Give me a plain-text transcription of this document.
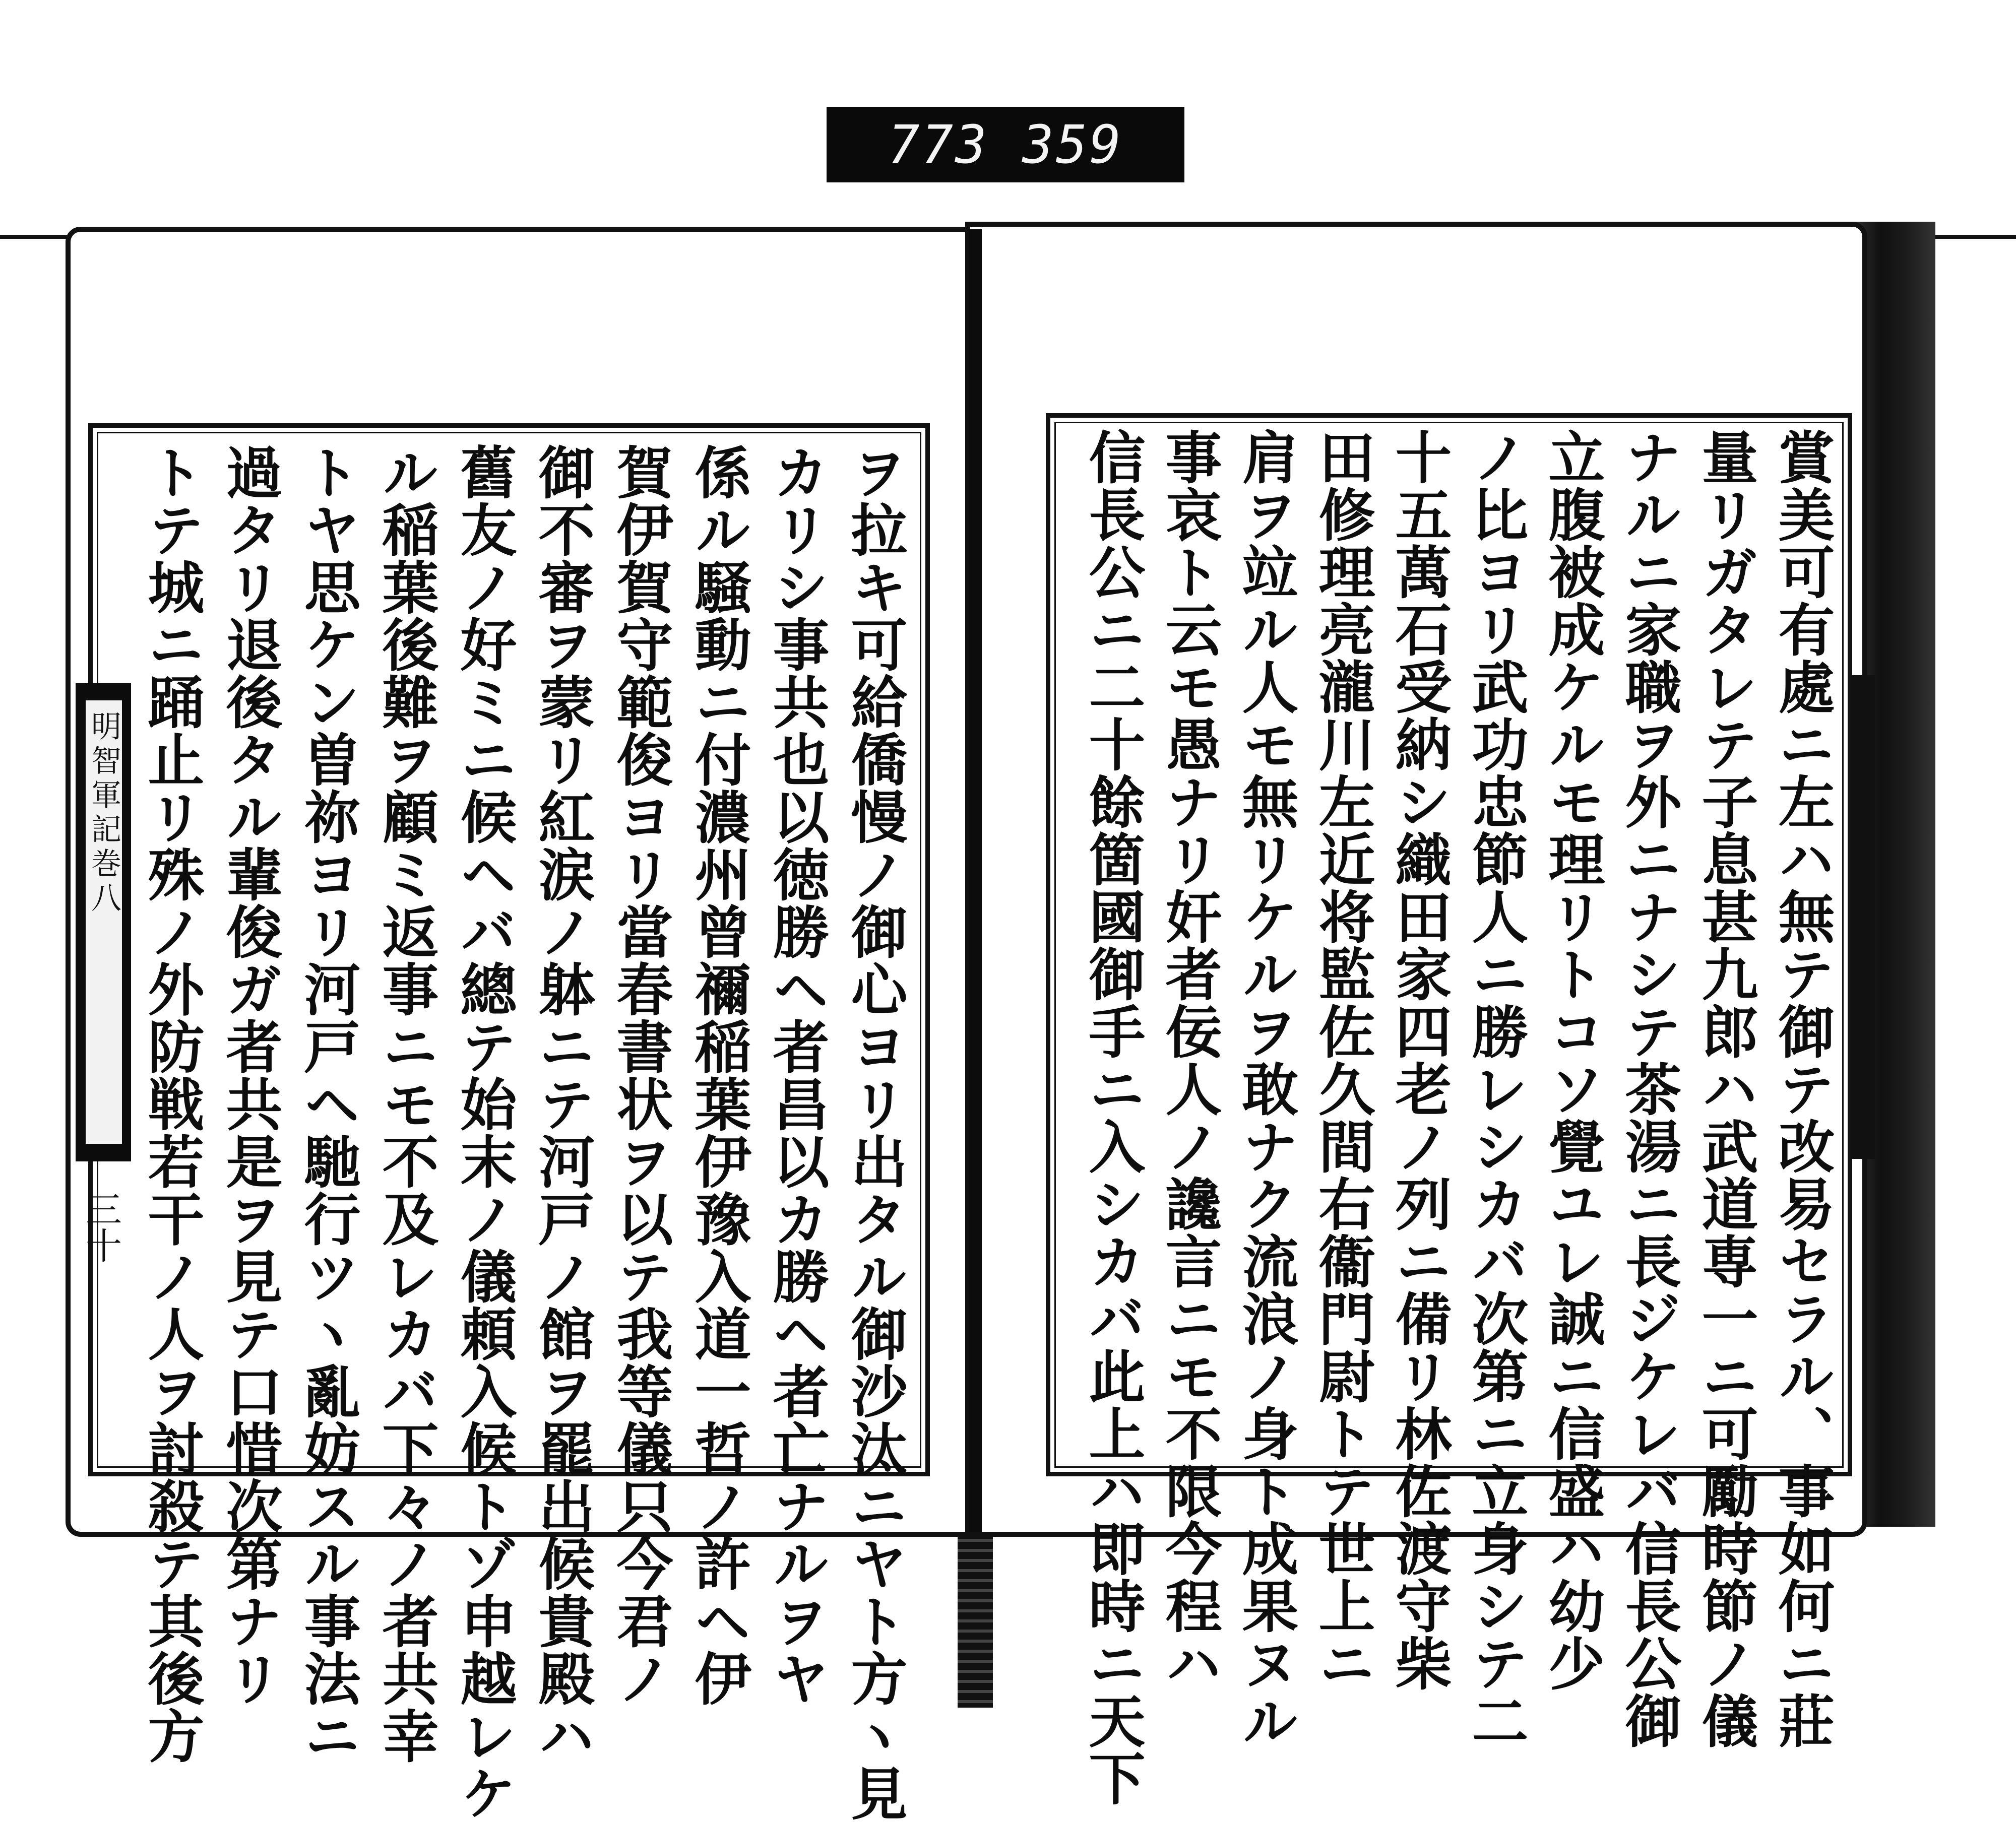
773 359
明智軍記巻八
三十	ヲ拉キ可給僑慢ノ御心ヨリ出タル御沙汰ニヤト方ヽ見
カリシ事共也以徳勝ヘ者昌以カ勝ヘ者亡ナルヲヤ
係ル騒動ニ付濃州曾禰稲葉伊豫入道一哲ノ許ヘ伊
賀伊賀守範俊ヨリ當春書状ヲ以テ我等儀只今君ノ
御不審ヲ蒙リ紅涙ノ躰ニテ河戸ノ館ヲ罷出候貴殿ハ
舊友ノ好ミニ候ヘバ總テ始末ノ儀頼入候トゾ申越レケ
ル稲葉後難ヲ顧ミ返事ニモ不及レカバ下々ノ者共幸
トヤ思ケン曽祢ヨリ河戸ヘ馳行ツヽ亂妨スル事法ニ
過タリ退後タル輩俊ガ者共是ヲ見テ口惜次第ナリ
トテ城ニ踊止リ殊ノ外防戦若干ノ人ヲ討殺テ其後方	賞美可有處ニ左ハ無テ御テ改易セラル、事如何ニ莊
量リガタレテ子息甚九郎ハ武道専一ニ可勵時節ノ儀
ナルニ家職ヲ外ニナシテ茶湯ニ長ジケレバ信長公御
立腹被成ケルモ理リトコソ覺ユレ誠ニ信盛ハ幼少
ノ比ヨリ武功忠節人ニ勝レシカバ次第ニ立身シテ二
十五萬石受納シ織田家四老ノ列ニ備リ林佐渡守柴
田修理亮瀧川左近将監佐久間右衞門尉トテ世上ニ
肩ヲ竝ル人モ無リケルヲ敢ナク流浪ノ身ト成果ヌル
事哀ト云モ愚ナリ奸者佞人ノ讒言ニモ不限今程ハ
信長公ニ二十餘箇國御手ニ入シカバ此上ハ即時ニ天下
